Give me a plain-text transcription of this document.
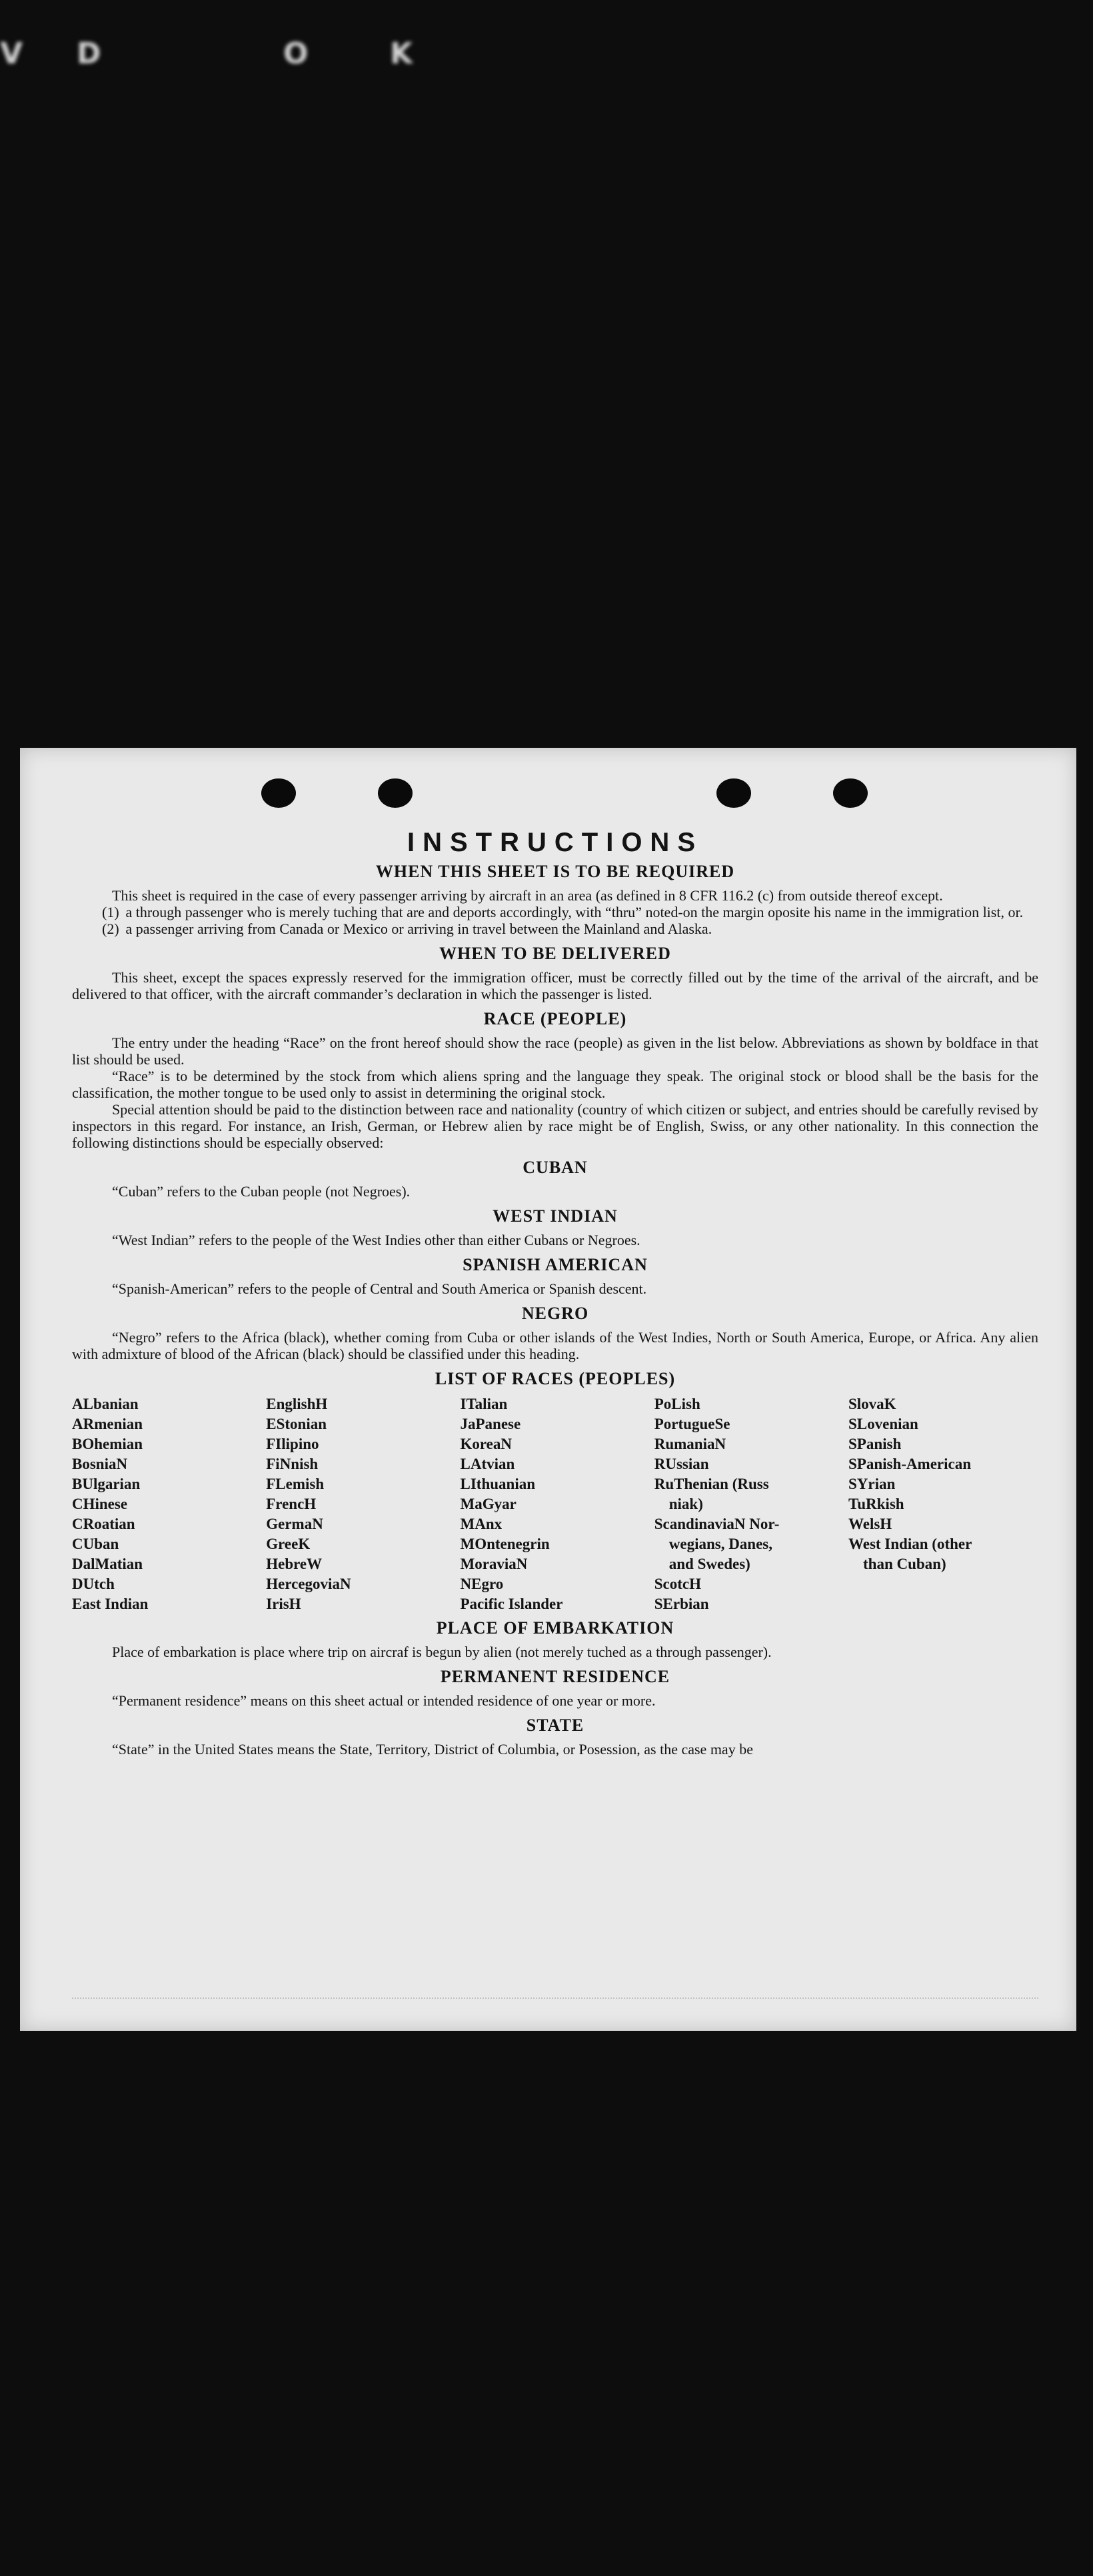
V D	O	K
INSTRUCTIONS
WHEN THIS SHEET IS TO BE REQUIRED

This sheet is required in the case of every passenger arriving by aircraft in an area (as defined in 8 CFR 116.2 (c) from outside thereof except.

(1) a through passenger who is merely tuching that are and deports accordingly, with “thru” noted-on the margin oposite his name in the immigration list, or.
(2) a passenger arriving from Canada or Mexico or arriving in travel between the Mainland and Alaska.
WHEN TO BE DELIVERED

This sheet, except the spaces expressly reserved for the immigration officer, must be correctly filled out by the time of the arrival of the aircraft, and be delivered to that officer, with the aircraft commander’s declaration in which the passenger is listed.

RACE (PEOPLE)

The entry under the heading “Race” on the front hereof should show the race (people) as given in the list below. Abbreviations as shown by boldface in that list should be used.

“Race” is to be determined by the stock from which aliens spring and the language they speak. The original stock or blood shall be the basis for the classification, the mother tongue to be used only to assist in determining the original stock.

Special attention should be paid to the distinction between race and nationality (country of which citizen or subject, and entries should be carefully revised by inspectors in this regard. For instance, an Irish, German, or Hebrew alien by race might be of English, Swiss, or any other nationality. In this connection the following distinctions should be especially observed:

CUBAN

“Cuban” refers to the Cuban people (not Negroes).

WEST INDIAN

“West Indian” refers to the people of the West Indies other than either Cubans or Negroes.

SPANISH AMERICAN

“Spanish-American” refers to the people of Central and South America or Spanish descent.

NEGRO

“Negro” refers to the Africa (black), whether coming from Cuba or other islands of the West Indies, North or South America, Europe, or Africa. Any alien with admixture of blood of the African (black) should be classified under this heading.

LIST OF RACES (PEOPLES)
ALbanian
ARmenian
BOhemian
BosniaN
BUlgarian
CHinese
CRoatian
CUban
DalMatian
DUtch
East Indian
EnglishH
EStonian
FIlipino
FiNnish
FLemish
FrencH
GermaN
GreeK
HebreW
HercegoviaN
IrisH
ITalian
JaPanese
KoreaN
LAtvian
LIthuanian
MaGyar
MAnx
MOntenegrin
MoraviaN
NEgro
Pacific Islander
PoLish
PortugueSe
RumaniaN
RUssian
RuThenian (Russ
niak)
ScandinaviaN Nor-
wegians, Danes,
and Swedes)
ScotcH
SErbian
SlovaK
SLovenian
SPanish
SPanish-American
SYrian
TuRkish
WelsH
West Indian (other
than Cuban)
PLACE OF EMBARKATION

Place of embarkation is place where trip on aircraf is begun by alien (not merely tuched as a through passenger).

PERMANENT RESIDENCE

“Permanent residence” means on this sheet actual or intended residence of one year or more.

STATE

“State” in the United States means the State, Territory, District of Columbia, or Posession, as the case may be
